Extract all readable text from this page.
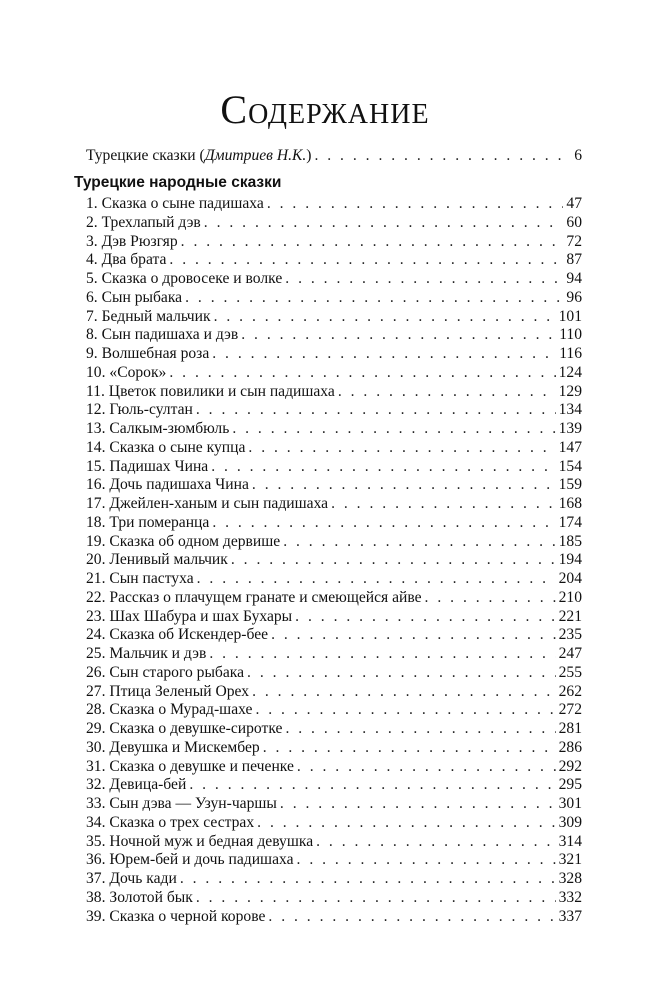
Содержание
Турецкие сказки (Дмитриев Н.К.) . . .	6
Турецкие народные сказки
1. Сказка о сыне падишаха . . .	47
2. Трехлапый дэв . . .	60
3. Дэв Рюзгяр . . .	72
4. Два брата . . .	87
5. Сказка о дровосеке и волке . . .	94
6. Сын рыбака . . .	96
7. Бедный мальчик . . .	101
8. Сын падишаха и дэв . . .	110
9. Волшебная роза . . .	116
10. «Сорок» . . .	124
11. Цветок повилики и сын падишаха . . .	129
12. Гюль-султан . . .	134
13. Салкым-зюмбюль . . .	139
14. Сказка о сыне купца . . .	147
15. Падишах Чина . . .	154
16. Дочь падишаха Чина . . .	159
17. Джейлен-ханым и сын падишаха . . .	168
18. Три померанца . . .	174
19. Сказка об одном дервише . . .	185
20. Ленивый мальчик . . .	194
21. Сын пастуха . . .	204
22. Рассказ о плачущем гранате и смеющейся айве . . .	210
23. Шах Шабура и шах Бухары . . .	221
24. Сказка об Искендер-бее . . .	235
25. Мальчик и дэв . . .	247
26. Сын старого рыбака . . .	255
27. Птица Зеленый Орех . . .	262
28. Сказка о Мурад-шахе . . .	272
29. Сказка о девушке-сиротке . . .	281
30. Девушка и Мискембер . . .	286
31. Сказка о девушке и печенке . . .	292
32. Девица-бей . . .	295
33. Сын дэва — Узун-чаршы . . .	301
34. Сказка о трех сестрах . . .	309
35. Ночной муж и бедная девушка . . .	314
36. Юрем-бей и дочь падишаха . . .	321
37. Дочь кади . . .	328
38. Золотой бык . . .	332
39. Сказка о черной корове . . .	337
